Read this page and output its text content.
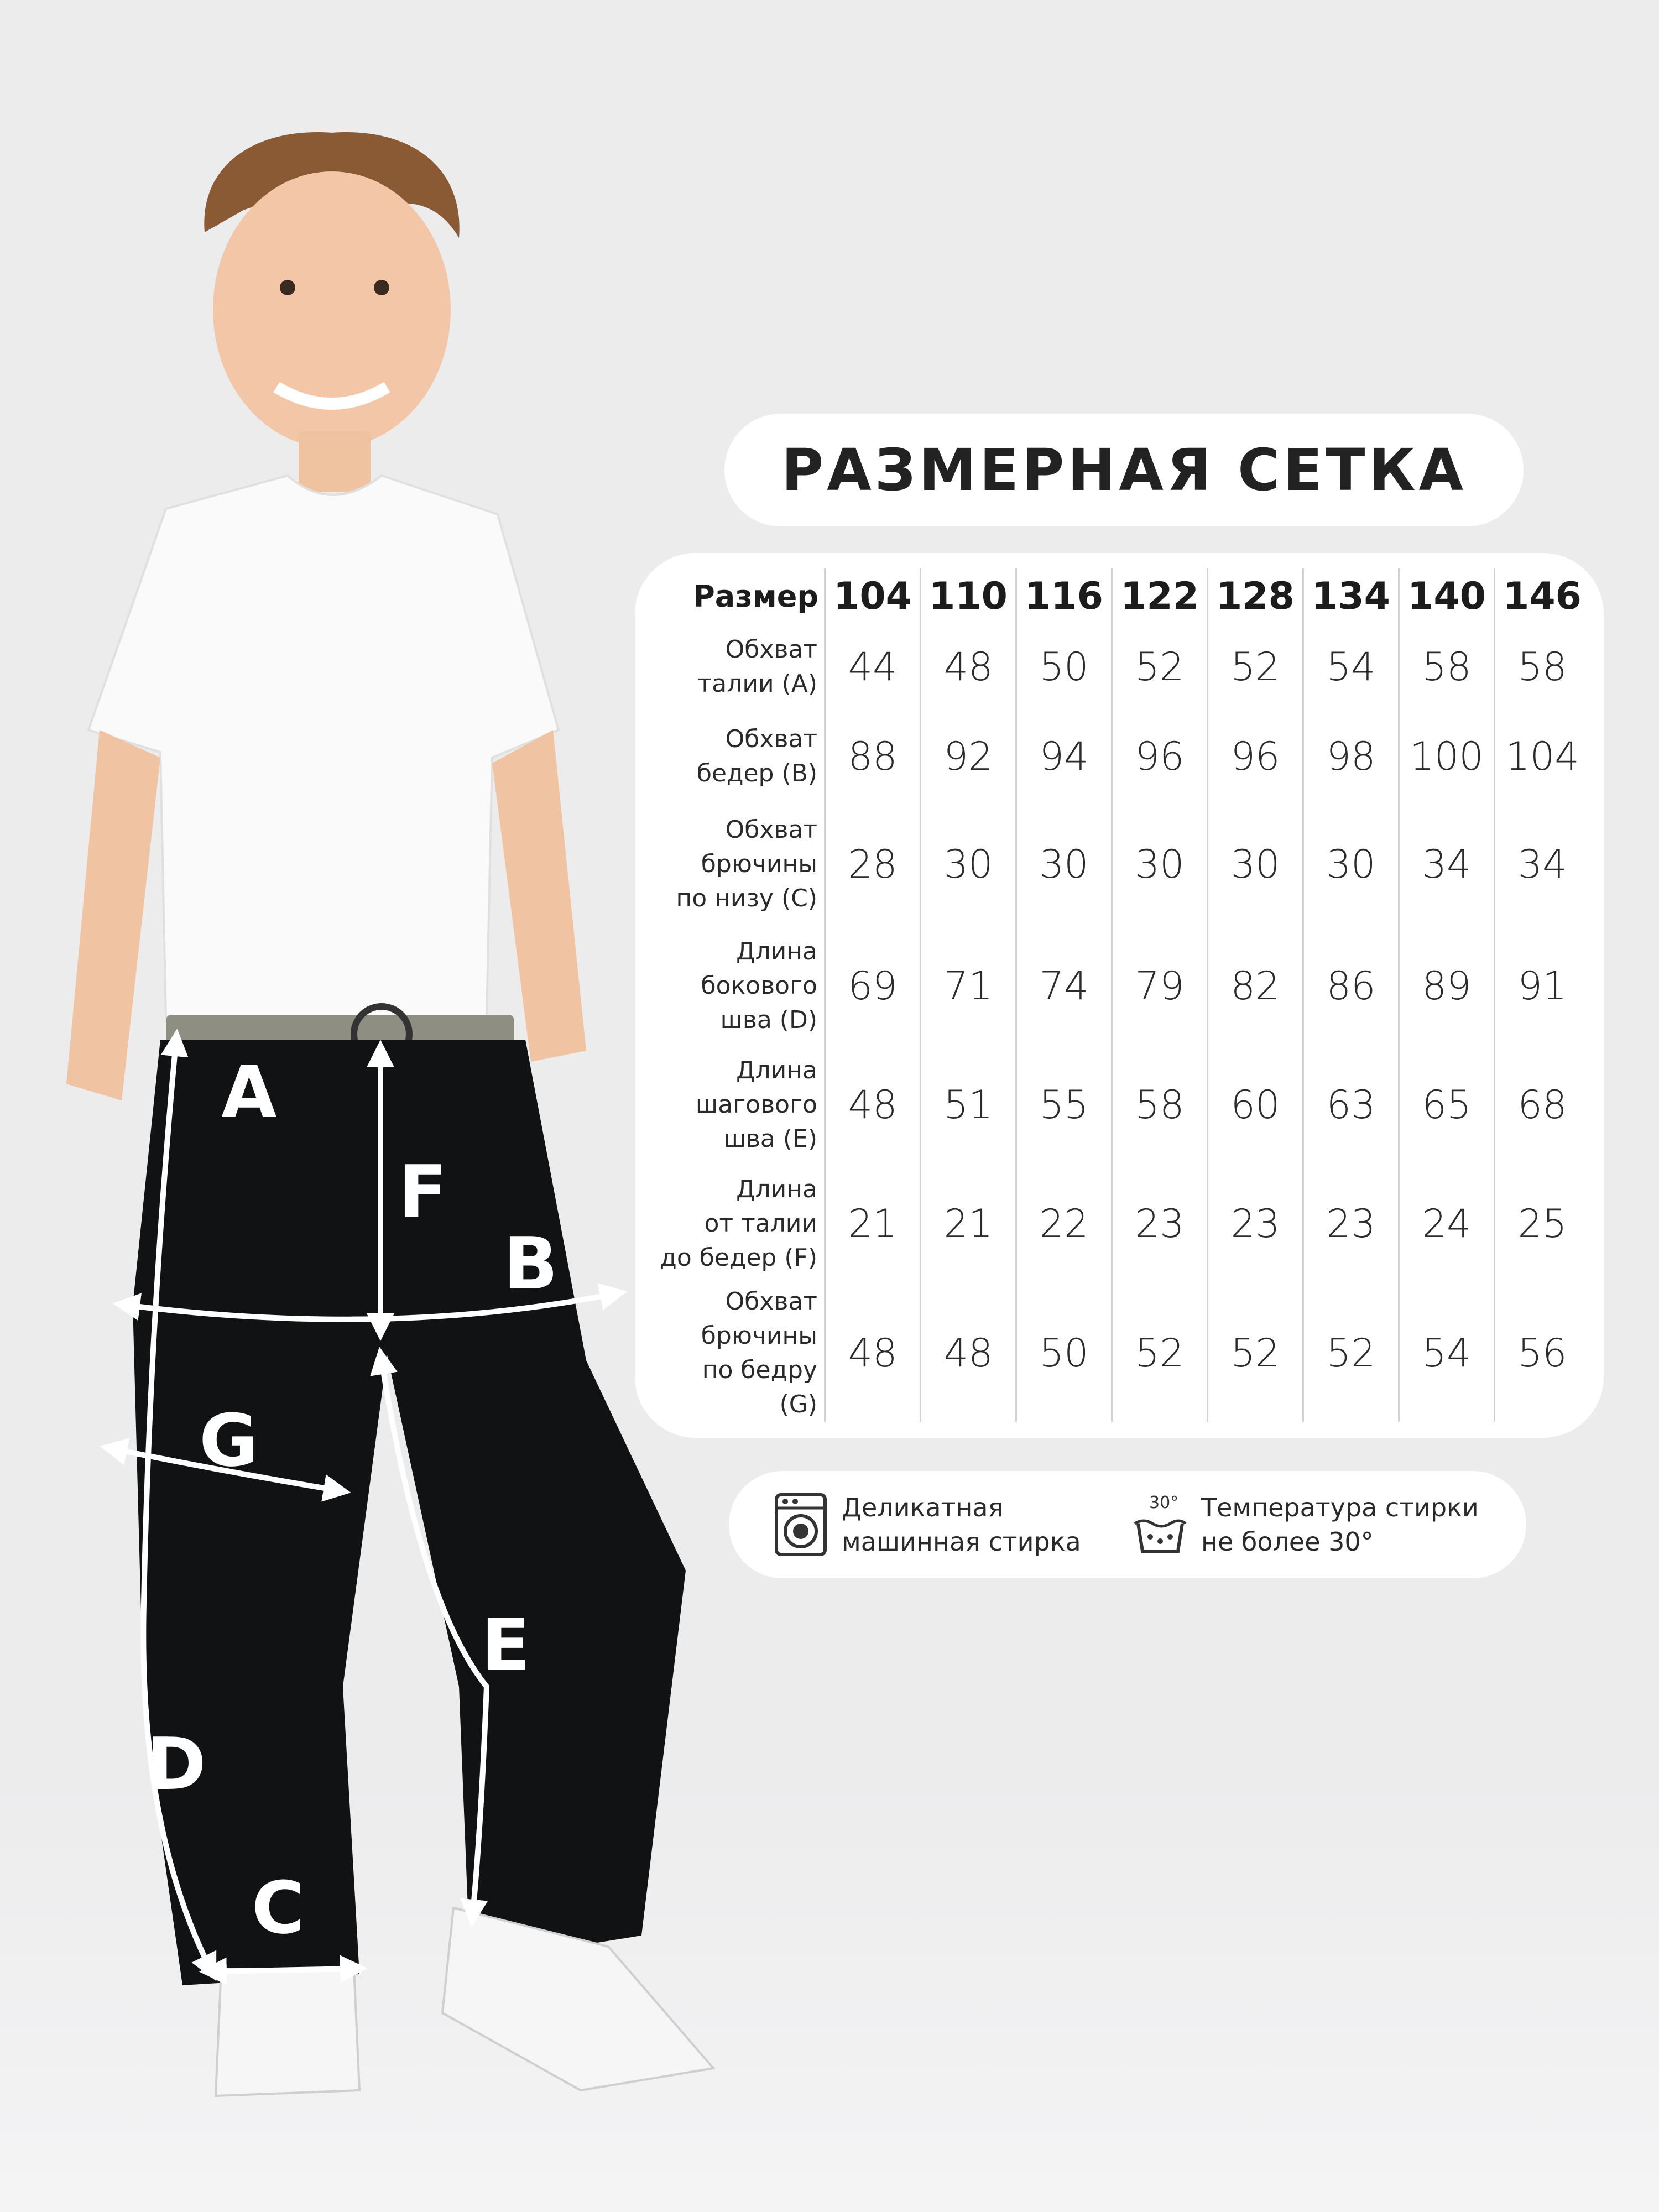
A
F
B
G
E
D
C
РАЗМЕРНАЯ СЕТКА
Размер	104	110	116	122	128	134	140	146

Обхват
талии (A)	44	48	50	52	52	54	58	58

Обхват
бедер (B)	88	92	94	96	96	98	100	104

Обхват
брючины
по низу (C)	28	30	30	30	30	30	34	34

Длина
бокового
шва (D)	69	71	74	79	82	86	89	91

Длина
шагового
шва (E)	48	51	55	58	60	63	65	68

Длина
от талии
до бедер (F)	21	21	22	23	23	23	24	25

Обхват
брючины
по бедру (G)	48	48	50	52	52	52	54	56
Деликатная
машинная стирка
30° Температура стирки
не более 30°
